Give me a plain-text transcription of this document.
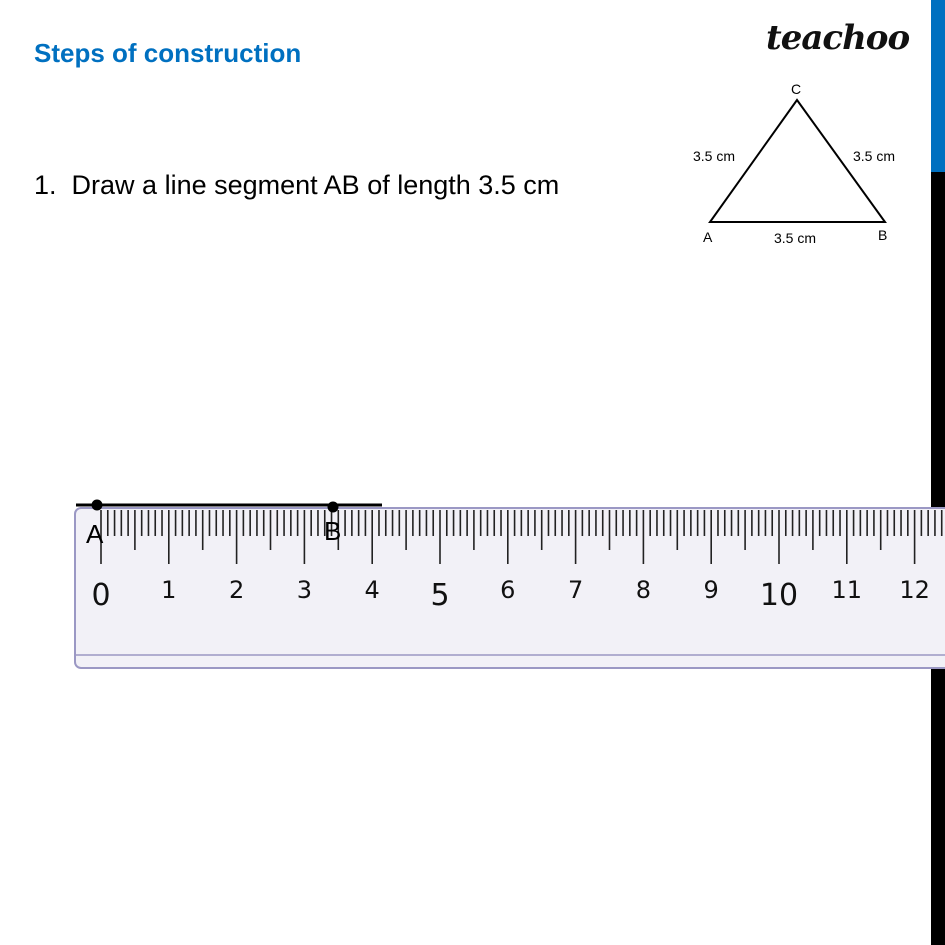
Steps of construction	teachoo
1. Draw a line segment AB of length 3.5 cm
C
A	B
3.5 cm	3.5 cm
3.5 cm
0 1 2 3 4 5 6 7 8 9 10 11 12
A	B
